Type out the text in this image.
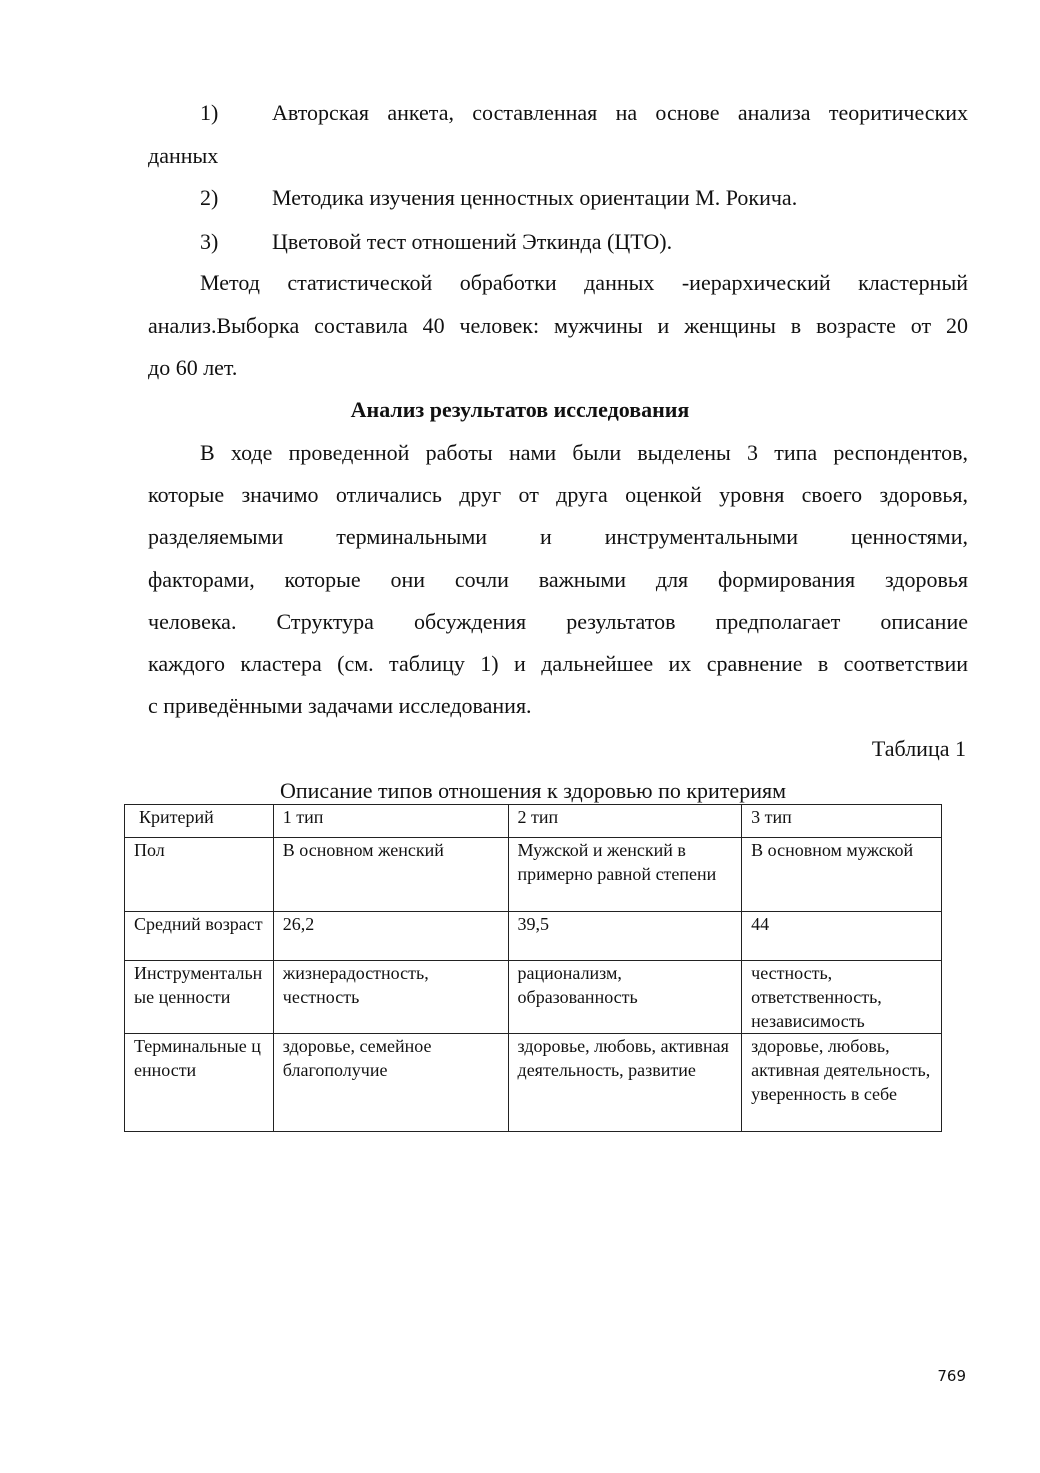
1) Авторская анкета, составленная на основе анализа теоритических
данных
2) Методика изучения ценностных ориентации М. Рокича.
3) Цветовой тест отношений Эткинда (ЦТО).
Метод статистической обработки данных -иерархический кластерный
анализ.Выборка составила 40 человек: мужчины и женщины в возрасте от 20
до 60 лет.
Анализ результатов исследования
В ходе проведенной работы нами были выделены 3 типа респондентов,
которые значимо отличались друг от друга оценкой уровня своего здоровья,
разделяемыми терминальными и инструментальными ценностями,
факторами, которые они сочли важными для формирования здоровья
человека. Структура обсуждения результатов предполагает описание
каждого кластера (см. таблицу 1) и дальнейшее их сравнение в соответствии
с приведёнными задачами исследования.
Таблица 1
Описание типов отношения к здоровью по критериям
Критерий	1 тип	2 тип	3 тип
Пол	В основном женский	Мужской и женский в примерно равной степени	В основном мужской
Средний возраст	26,2	39,5	44
Инструментальные ценности	жизнерадостность, честность	рационализм, образованность	честность, ответственность, независимость
Терминальные ценности	здоровье, семейное благополучие	здоровье, любовь, активная деятельность, развитие	здоровье, любовь, активная деятельность, уверенность в себе
769
